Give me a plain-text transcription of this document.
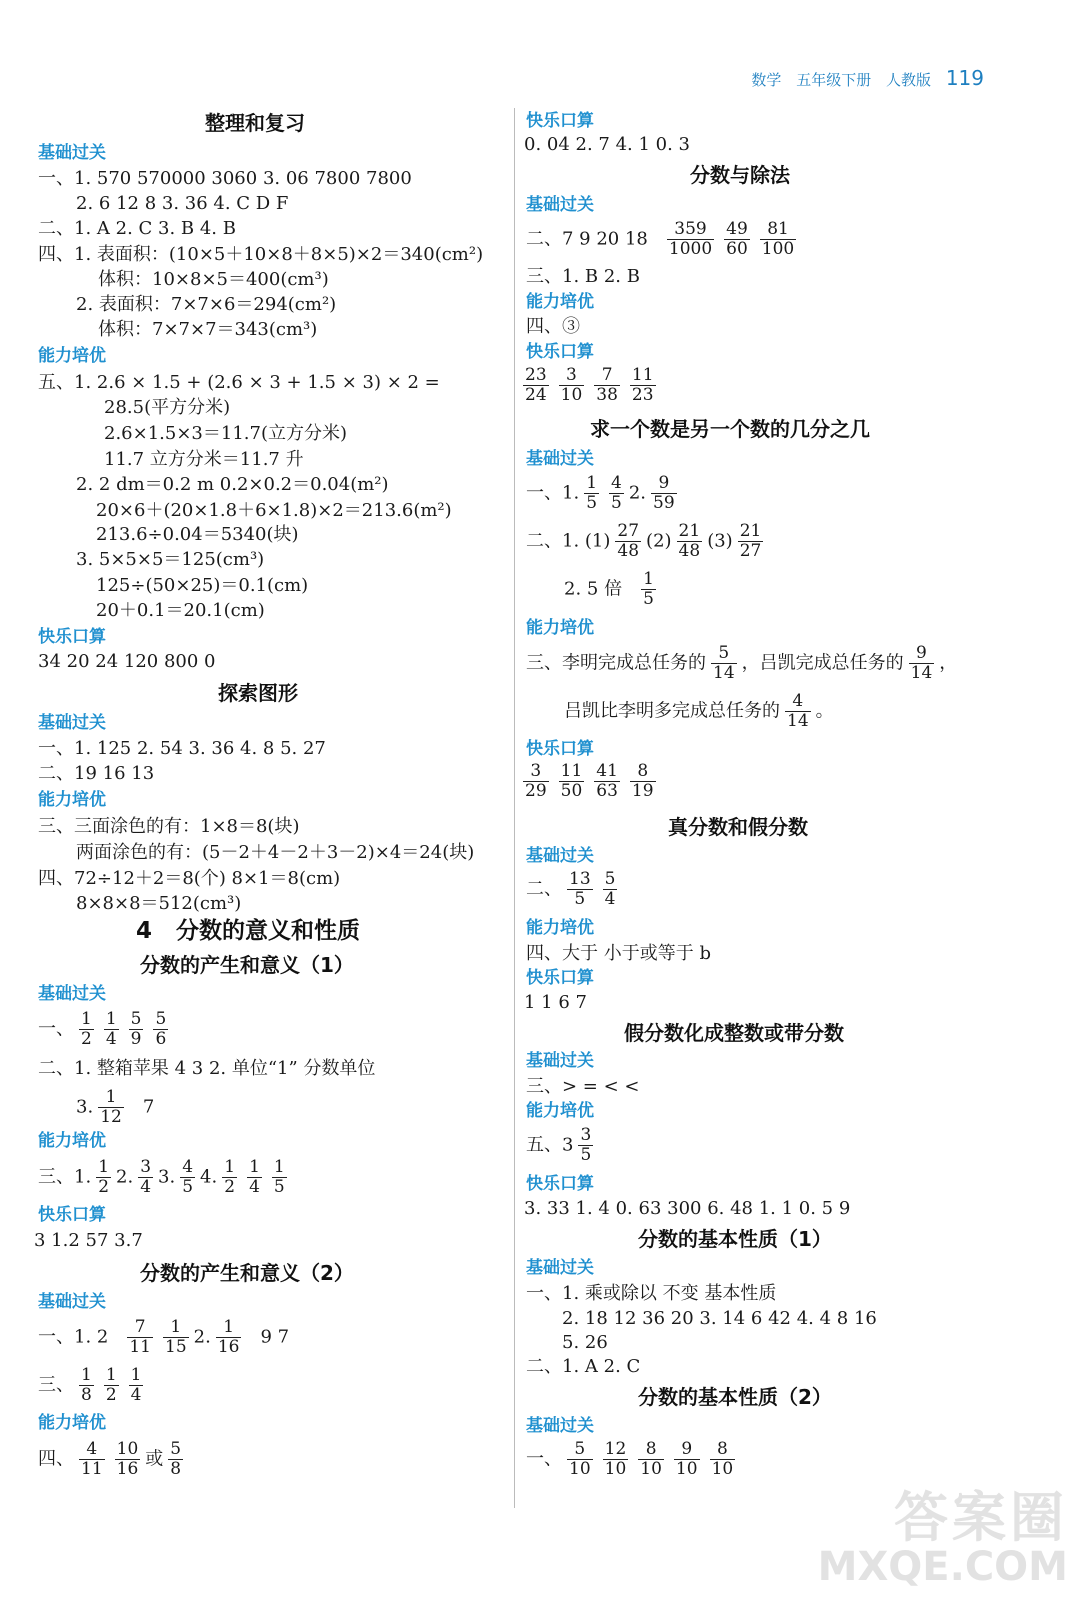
数学 五年级下册 人教版 119
整理和复习
基础过关
一、1. 570 570000 3060 3. 06 7800 7800
2. 6 12 8 3. 36 4. C D F
二、1. A 2. C 3. B 4. B
四、1. 表面积：(10×5＋10×8＋8×5)×2＝340(cm²)
体积：10×8×5＝400(cm³)
2. 表面积：7×7×6＝294(cm²)
体积：7×7×7＝343(cm³)
能力培优
五、1. 2.6 × 1.5 + (2.6 × 3 + 1.5 × 3) × 2 =
28.5(平方分米)
2.6×1.5×3＝11.7(立方分米)
11.7 立方分米＝11.7 升
2. 2 dm＝0.2 m 0.2×0.2＝0.04(m²)
20×6＋(20×1.8＋6×1.8)×2＝213.6(m²)
213.6÷0.04＝5340(块)
3. 5×5×5＝125(cm³)
125÷(50×25)＝0.1(cm)
20＋0.1＝20.1(cm)
快乐口算
34 20 24 120 800 0
探索图形
基础过关
一、1. 125 2. 54 3. 36 4. 8 5. 27
二、19 16 13
能力培优
三、三面涂色的有：1×8＝8(块)
两面涂色的有：(5－2＋4－2＋3－2)×4＝24(块)
四、72÷12＋2＝8(个) 8×1＝8(cm)
8×8×8＝512(cm³)
4 分数的意义和性质
分数的产生和意义（1）
基础过关
一、 $\frac{1}{2} \frac{1}{4} \frac{5}{9} \frac{5}{6}$
二、1. 整箱苹果 4 3 2. 单位“1” 分数单位
3. $\frac{1}{12} 7$
能力培优
三、1. $\frac{1}{2} 2$. $\frac{3}{4} 3$. $\frac{4}{5} 4$. $\frac{1}{2} \frac{1}{4} \frac{1}{5}$
快乐口算
3 1.2 57 3.7
分数的产生和意义（2）
基础过关
一、1. $2 \frac{7}{11} \frac{1}{15} 2$. $\frac{1}{16} 9$ 7
三、 $\frac{1}{8} \frac{1}{2} \frac{1}{4}$
能力培优
四、 $\frac{4}{11} \frac{10}{16}$ 或 $\frac{5}{8}$
快乐口算
0. 04 2. 7 4. 1 0. 3
分数与除法
基础过关
二、7 9 20 $18 \frac{359}{1000} \frac{49}{60} \frac{81}{100}$
三、1. B 2. B
能力培优
四、③
快乐口算
$\frac{23}{24} \frac{3}{10} \frac{7}{38} \frac{11}{23}$
求一个数是另一个数的几分之几
基础过关
一、1. $\frac{1}{5} \frac{4}{5} 2$. $\frac{9}{59}$
二、1. $(1) \frac{27}{48} (2) \frac{21}{48} (3) \frac{21}{27}$
2. 5 倍 $\frac{1}{5}$
能力培优
三、李明完成总任务的 $\frac{5}{14}$ ，吕凯完成总任务的 $\frac{9}{14}$ ，
吕凯比李明多完成总任务的 $\frac{4}{14}$ 。
快乐口算
$\frac{3}{29} \frac{11}{50} \frac{41}{63} \frac{8}{19}$
真分数和假分数
基础过关
二、 $\frac{13}{5} \frac{5}{4}$
能力培优
四、大于 小于或等于 b
快乐口算
1 1 6 7
假分数化成整数或带分数
基础过关
三、> = < <
能力培优
五、$3 \frac{3}{5}$
快乐口算
3. 33 1. 4 0. 63 300 6. 48 1. 1 0. 5 9
分数的基本性质（1）
基础过关
一、1. 乘或除以 不变 基本性质
2. 18 12 36 20 3. 14 6 42 4. 4 8 16
5. 26
二、1. A 2. C
分数的基本性质（2）
基础过关
一、 $\frac{5}{10} \frac{12}{10} \frac{8}{10} \frac{9}{10} \frac{8}{10}$
答案圈
MXQE.COM
